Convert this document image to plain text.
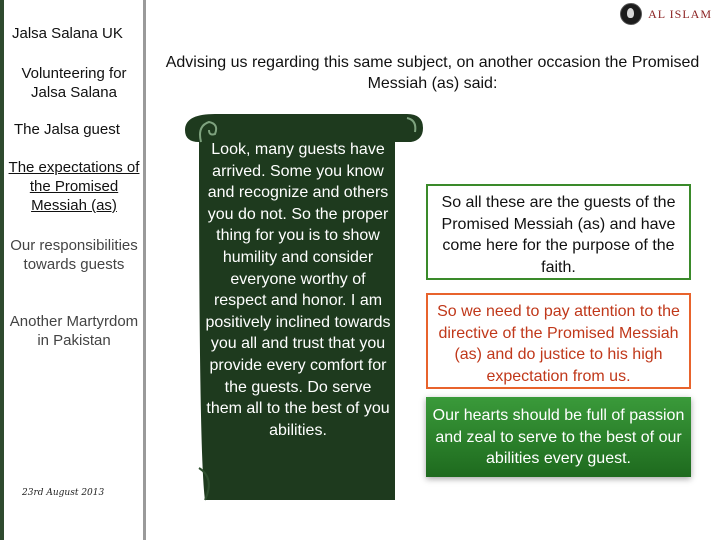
Jalsa Salana UK
Volunteering for Jalsa Salana
The Jalsa guest
The expectations of the Promised Messiah (as)
Our responsibilities towards guests
Another Martyrdom in Pakistan
23rd August 2013
AL ISLAM
Advising us regarding this same subject, on another occasion the Promised Messiah (as) said:
Look, many guests have arrived. Some you know and recognize and others you do not. So the proper thing for you is to show humility and consider everyone worthy of respect and honor. I am positively inclined towards you all and trust that you provide every comfort for the guests. Do serve them all to the best of you abilities.
So all these are the guests of the Promised Messiah (as) and have come here for the purpose of the faith.
So we need to pay attention to the directive of the Promised Messiah (as) and do justice to his high expectation from us.
Our hearts should be full of passion and zeal to serve to the best of our abilities every guest.
